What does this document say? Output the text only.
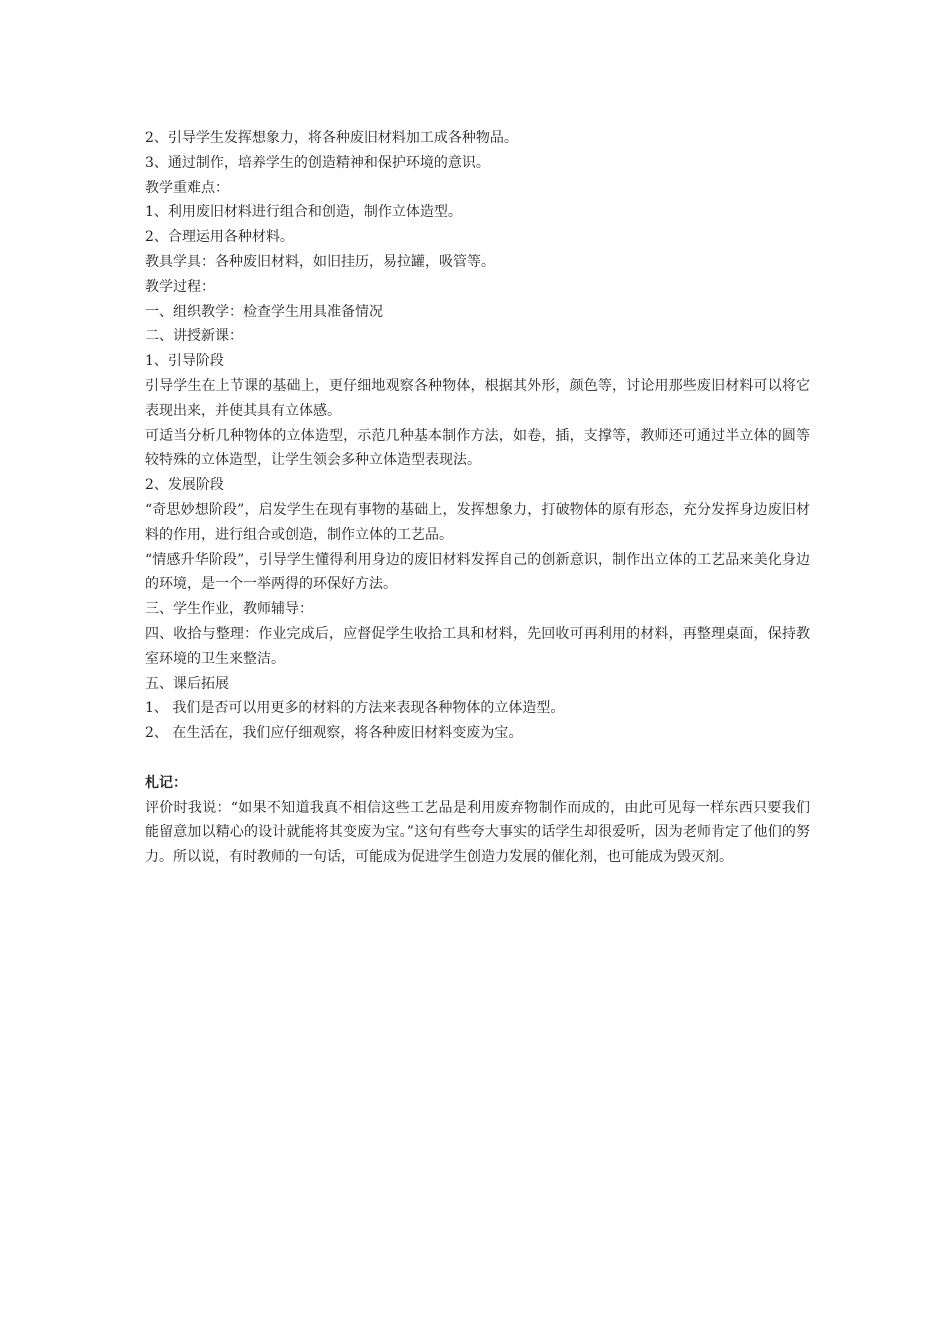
2、引导学生发挥想象力，将各种废旧材料加工成各种物品。

3、通过制作，培养学生的创造精神和保护环境的意识。

教学重难点：

1、利用废旧材料进行组合和创造，制作立体造型。

2、合理运用各种材料。

教具学具：各种废旧材料，如旧挂历，易拉罐，吸管等。

教学过程：

一、组织教学：检查学生用具准备情况

二、讲授新课：

1、引导阶段

引导学生在上节课的基础上，更仔细地观察各种物体，根据其外形，颜色等，讨论用那些废旧材料可以将它表现出来，并使其具有立体感。

可适当分析几种物体的立体造型，示范几种基本制作方法，如卷，插，支撑等，教师还可通过半立体的圆等较特殊的立体造型，让学生领会多种立体造型表现法。

2、发展阶段

“奇思妙想阶段”，启发学生在现有事物的基础上，发挥想象力，打破物体的原有形态，充分发挥身边废旧材料的作用，进行组合或创造，制作立体的工艺品。

“情感升华阶段”，引导学生懂得利用身边的废旧材料发挥自己的创新意识，制作出立体的工艺品来美化身边的环境，是一个一举两得的环保好方法。

三、学生作业，教师辅导：

四、收拾与整理：作业完成后，应督促学生收拾工具和材料，先回收可再利用的材料，再整理桌面，保持教室环境的卫生来整洁。

五、课后拓展

1、 我们是否可以用更多的材料的方法来表现各种物体的立体造型。

2、 在生活在，我们应仔细观察，将各种废旧材料变废为宝。

札记：

评价时我说：“如果不知道我真不相信这些工艺品是利用废弃物制作而成的，由此可见每一样东西只要我们能留意加以精心的设计就能将其变废为宝。”这句有些夸大事实的话学生却很爱听，因为老师肯定了他们的努力。所以说，有时教师的一句话，可能成为促进学生创造力发展的催化剂，也可能成为毁灭剂。
